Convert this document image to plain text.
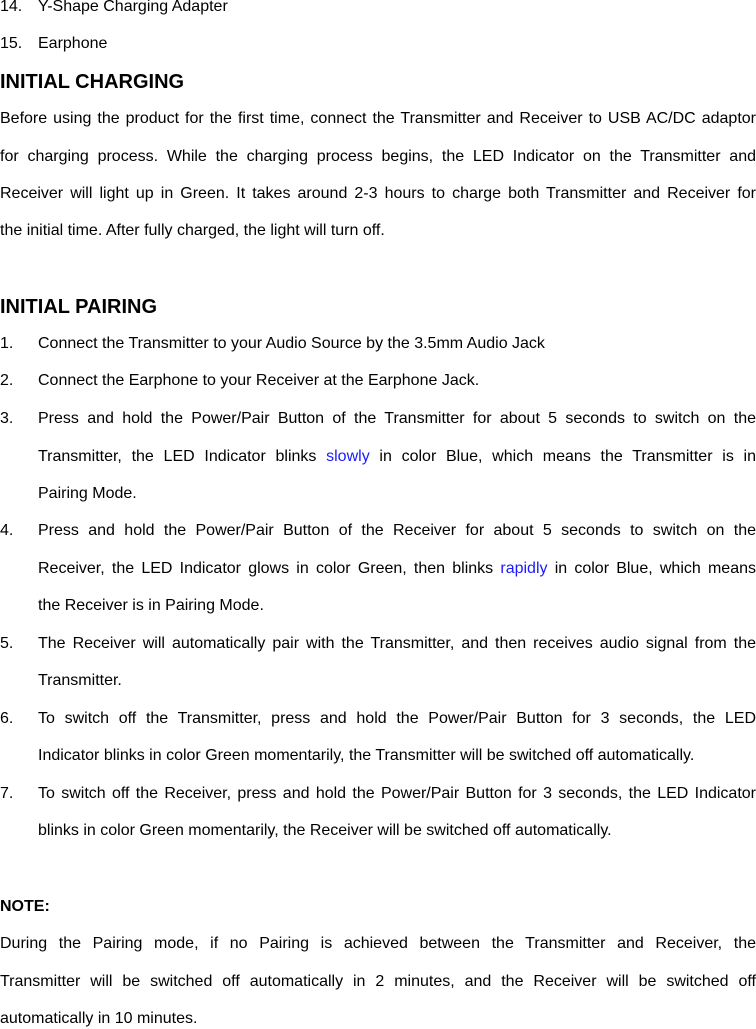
14. Y-Shape Charging Adapter
15. Earphone
INITIAL CHARGING
Before using the product for the first time, connect the Transmitter and Receiver to USB AC/DC adaptor
for charging process. While the charging process begins, the LED Indicator on the Transmitter and
Receiver will light up in Green. It takes around 2-3 hours to charge both Transmitter and Receiver for
the initial time. After fully charged, the light will turn off.
INITIAL PAIRING
1. Connect the Transmitter to your Audio Source by the 3.5mm Audio Jack
2. Connect the Earphone to your Receiver at the Earphone Jack.
3. Press and hold the Power/Pair Button of the Transmitter for about 5 seconds to switch on the
Transmitter, the LED Indicator blinks slowly in color Blue, which means the Transmitter is in
Pairing Mode.
4. Press and hold the Power/Pair Button of the Receiver for about 5 seconds to switch on the
Receiver, the LED Indicator glows in color Green, then blinks rapidly in color Blue, which means
the Receiver is in Pairing Mode.
5. The Receiver will automatically pair with the Transmitter, and then receives audio signal from the
Transmitter.
6. To switch off the Transmitter, press and hold the Power/Pair Button for 3 seconds, the LED
Indicator blinks in color Green momentarily, the Transmitter will be switched off automatically.
7. To switch off the Receiver, press and hold the Power/Pair Button for 3 seconds, the LED Indicator
blinks in color Green momentarily, the Receiver will be switched off automatically.
NOTE:
During the Pairing mode, if no Pairing is achieved between the Transmitter and Receiver, the
Transmitter will be switched off automatically in 2 minutes, and the Receiver will be switched off
automatically in 10 minutes.
